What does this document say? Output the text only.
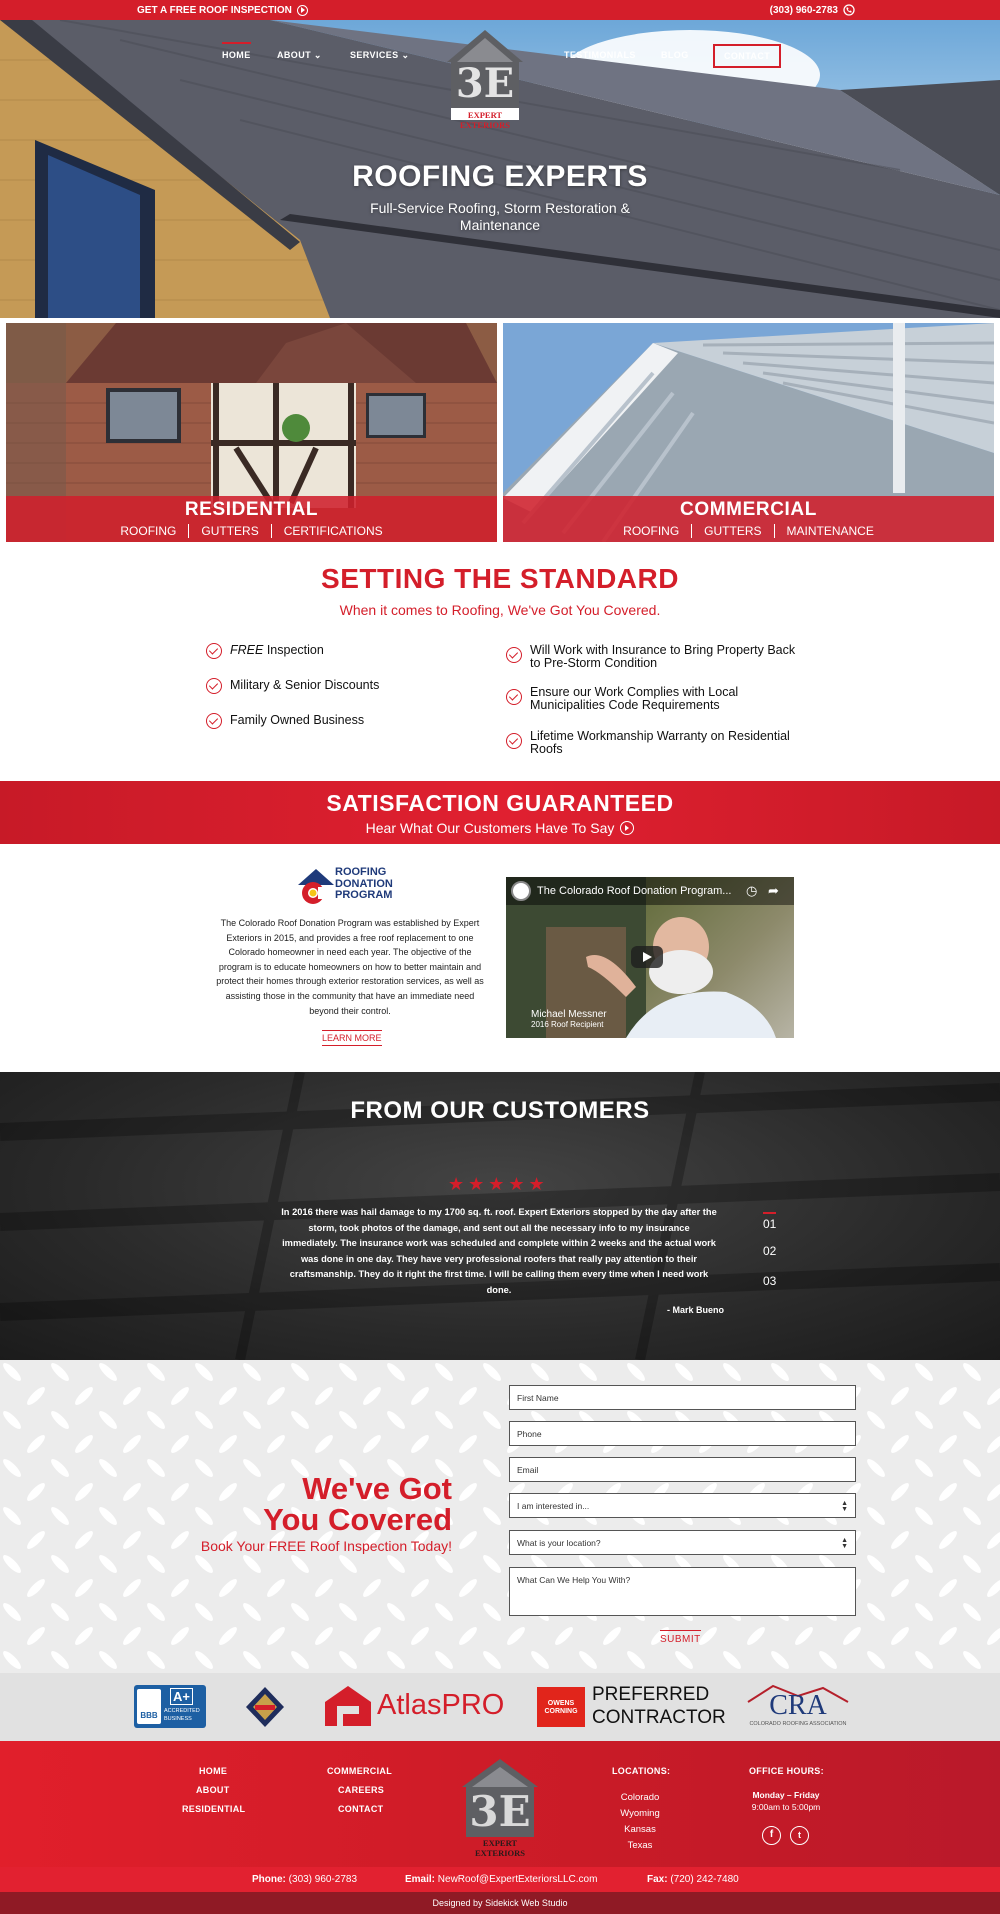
GET A FREE ROOF INSPECTION	(303) 960-2783
HOME	ABOUT ⌄	SERVICES ⌄	TESTIMONIALS	BLOG	CONTACT
3E
EXPERT EXTERIORS
ROOFING EXPERTS
Full-Service Roofing, Storm Restoration & Maintenance
RESIDENTIAL
ROOFING	GUTTERS	CERTIFICATIONS
COMMERCIAL
ROOFING	GUTTERS	MAINTENANCE
SETTING THE STANDARD
When it comes to Roofing, We've Got You Covered.
FREE Inspection
Military & Senior Discounts
Family Owned Business
Will Work with Insurance to Bring Property Back to Pre-Storm Condition
Ensure our Work Complies with Local Municipalities Code Requirements
Lifetime Workmanship Warranty on Residential Roofs
SATISFACTION GUARANTEED
Hear What Our Customers Have To Say
ROOFING
DONATION
PROGRAM
The Colorado Roof Donation Program was established by Expert Exteriors in 2015, and provides a free roof replacement to one Colorado homeowner in need each year. The objective of the program is to educate homeowners on how to better maintain and protect their homes through exterior restoration services, as well as assisting those in the community that have an immediate need beyond their control.
LEARN MORE
The Colorado Roof Donation Program... ◷ ➦
Michael Messner
2016 Roof Recipient
FROM OUR CUSTOMERS
★★★★★
In 2016 there was hail damage to my 1700 sq. ft. roof. Expert Exteriors stopped by the day after the storm, took photos of the damage, and sent out all the necessary info to my insurance immediately. The insurance work was scheduled and complete within 2 weeks and the actual work was done in one day. They have very professional roofers that really pay attention to their craftsmanship. They do it right the first time. I will be calling them every time when I need work done.
- Mark Bueno
01
02
03
We've Got
You Covered
Book Your FREE Roof Inspection Today!
First Name
Phone
Email
I am interested in...	▲
▼
What is your location?	▲
▼
What Can We Help You With?
SUBMIT
BBB
A+
ACCREDITED
BUSINESS	AtlasPRO	OWENS
CORNING
PREFERRED
CONTRACTOR	CRA
COLORADO ROOFING ASSOCIATION
HOME
ABOUT
RESIDENTIAL
COMMERCIAL
CAREERS
CONTACT 3E
EXPERT EXTERIORS
LOCATIONS:
Colorado
Wyoming
Kansas
Texas
OFFICE HOURS:
Monday – Friday
9:00am to 5:00pm
f	t
Phone: (303) 960-2783	Email: NewRoof@ExpertExteriorsLLC.com	Fax: (720) 242-7480
Designed by Sidekick Web Studio
